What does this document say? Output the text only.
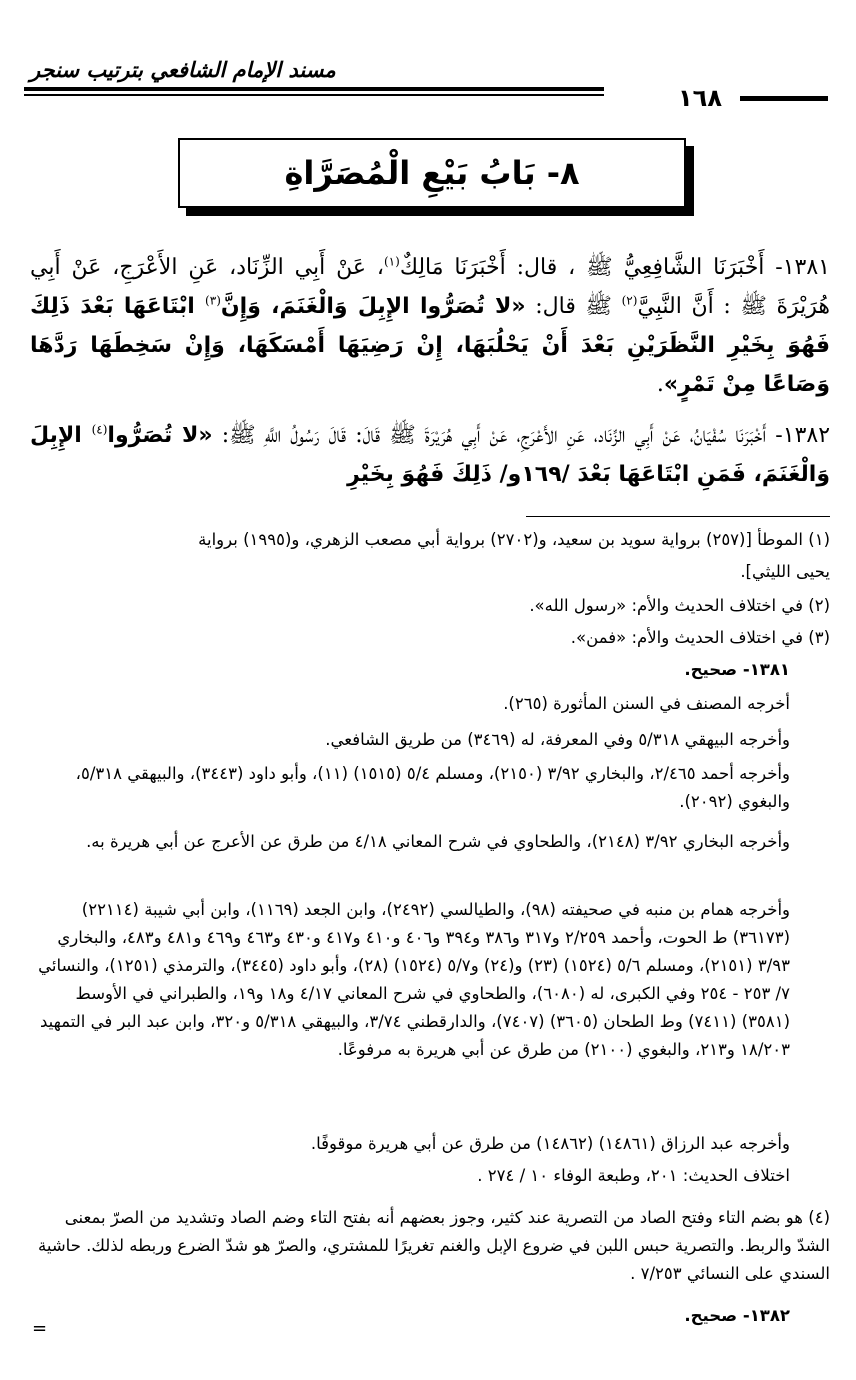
مسند الإمام الشافعي بترتيب سنجر
١٦٨
٨- بَابُ بَيْعِ الْمُصَرَّاةِ
١٣٨١- أَخْبَرَنَا الشَّافِعِيُّ ﷺ ، قال: أَخْبَرَنَا مَالِكٌ$^{(١)}$، عَنْ أَبِي الزِّنَاد، عَنِ الأَعْرَجِ، عَنْ أَبِي هُرَيْرَةَ ﷺ : أَنَّ النَّبِيَّ$^{(٢)}$ ﷺ قال: «لا تُصَرُّوا الإِبِلَ وَالْغَنَمَ، وَإِنَّ$^{(٣)}$ ابْتَاعَهَا بَعْدَ ذَلِكَ فَهُوَ بِخَيْرِ النَّظَرَيْنِ بَعْدَ أَنْ يَحْلُبَهَا، إِنْ رَضِيَهَا أَمْسَكَهَا، وَإِنْ سَخِطَهَا رَدَّهَا وَصَاعًا مِنْ تَمْرٍ».
١٣٨٢- أَخْبَرَنَا سُفْيَانُ، عَنْ أَبِي الزِّنَاد، عَنِ الأَعْرَجِ، عَنْ أَبِي هُرَيْرَةَ ﷺ قَالَ: قَالَ رَسُولُ اللَّهِ ﷺ: «لا تُصَرُّوا$^{(٤)}$ الإِبِلَ وَالْغَنَمَ، فَمَنِ ابْتَاعَهَا بَعْدَ /١٦٩و/ ذَلِكَ فَهُوَ بِخَيْرِ
(١) الموطأ [(٢٥٧) برواية سويد بن سعيد، و(٢٧٠٢) برواية أبي مصعب الزهري، و(١٩٩٥) برواية
يحيى الليثي].
(٢) في اختلاف الحديث والأم: «رسول الله».
(٣) في اختلاف الحديث والأم: «فمن».
١٣٨١- صحيح.
أخرجه المصنف في السنن المأثورة (٢٦٥).
وأخرجه البيهقي ٥/٣١٨ وفي المعرفة، له (٣٤٦٩) من طريق الشافعي.
وأخرجه أحمد ٢/٤٦٥، والبخاري ٣/٩٢ (٢١٥٠)، ومسلم ٥/٤ (١٥١٥) (١١)، وأبو داود (٣٤٤٣)، والبيهقي ٥/٣١٨، والبغوي (٢٠٩٢).
وأخرجه البخاري ٣/٩٢ (٢١٤٨)، والطحاوي في شرح المعاني ٤/١٨ من طرق عن الأعرج عن أبي هريرة به.
وأخرجه همام بن منبه في صحيفته (٩٨)، والطيالسي (٢٤٩٢)، وابن الجعد (١١٦٩)، وابن أبي شيبة (٢٢١١٤) (٣٦١٧٣) ط الحوت، وأحمد ٢/٢٥٩ و٣١٧ و٣٨٦ و٣٩٤ و٤٠٦ و٤١٠ و٤١٧ و٤٣٠ و٤٦٣ و٤٦٩ و٤٨١ و٤٨٣، والبخاري ٣/٩٣ (٢١٥١)، ومسلم ٥/٦ (١٥٢٤) (٢٣) و(٢٤) و٥/٧ (١٥٢٤) (٢٨)، وأبو داود (٣٤٤٥)، والترمذي (١٢٥١)، والنسائي ٧/ ٢٥٣ - ٢٥٤ وفي الكبرى، له (٦٠٨٠)، والطحاوي في شرح المعاني ٤/١٧ و١٨ و١٩، والطبراني في الأوسط (٣٥٨١) (٧٤١١) وط الطحان (٣٦٠٥) (٧٤٠٧)، والدارقطني ٣/٧٤، والبيهقي ٥/٣١٨ و٣٢٠، وابن عبد البر في التمهيد ١٨/٢٠٣ و٢١٣، والبغوي (٢١٠٠) من طرق عن أبي هريرة به مرفوعًا.
وأخرجه عبد الرزاق (١٤٨٦١) (١٤٨٦٢) من طرق عن أبي هريرة موقوفًا.
اختلاف الحديث: ٢٠١، وطبعة الوفاء ١٠ / ٢٧٤ .
(٤) هو بضم التاء وفتح الصاد من التصرية عند كثير، وجوز بعضهم أنه بفتح التاء وضم الصاد وتشديد من الصرّ بمعنى الشدّ والربط. والتصرية حبس اللبن في ضروع الإبل والغنم تغريرًا للمشتري، والصرّ هو شدّ الضرع وربطه لذلك. حاشية السندي على النسائي ٧/٢٥٣ .
١٣٨٢- صحيح.
=
